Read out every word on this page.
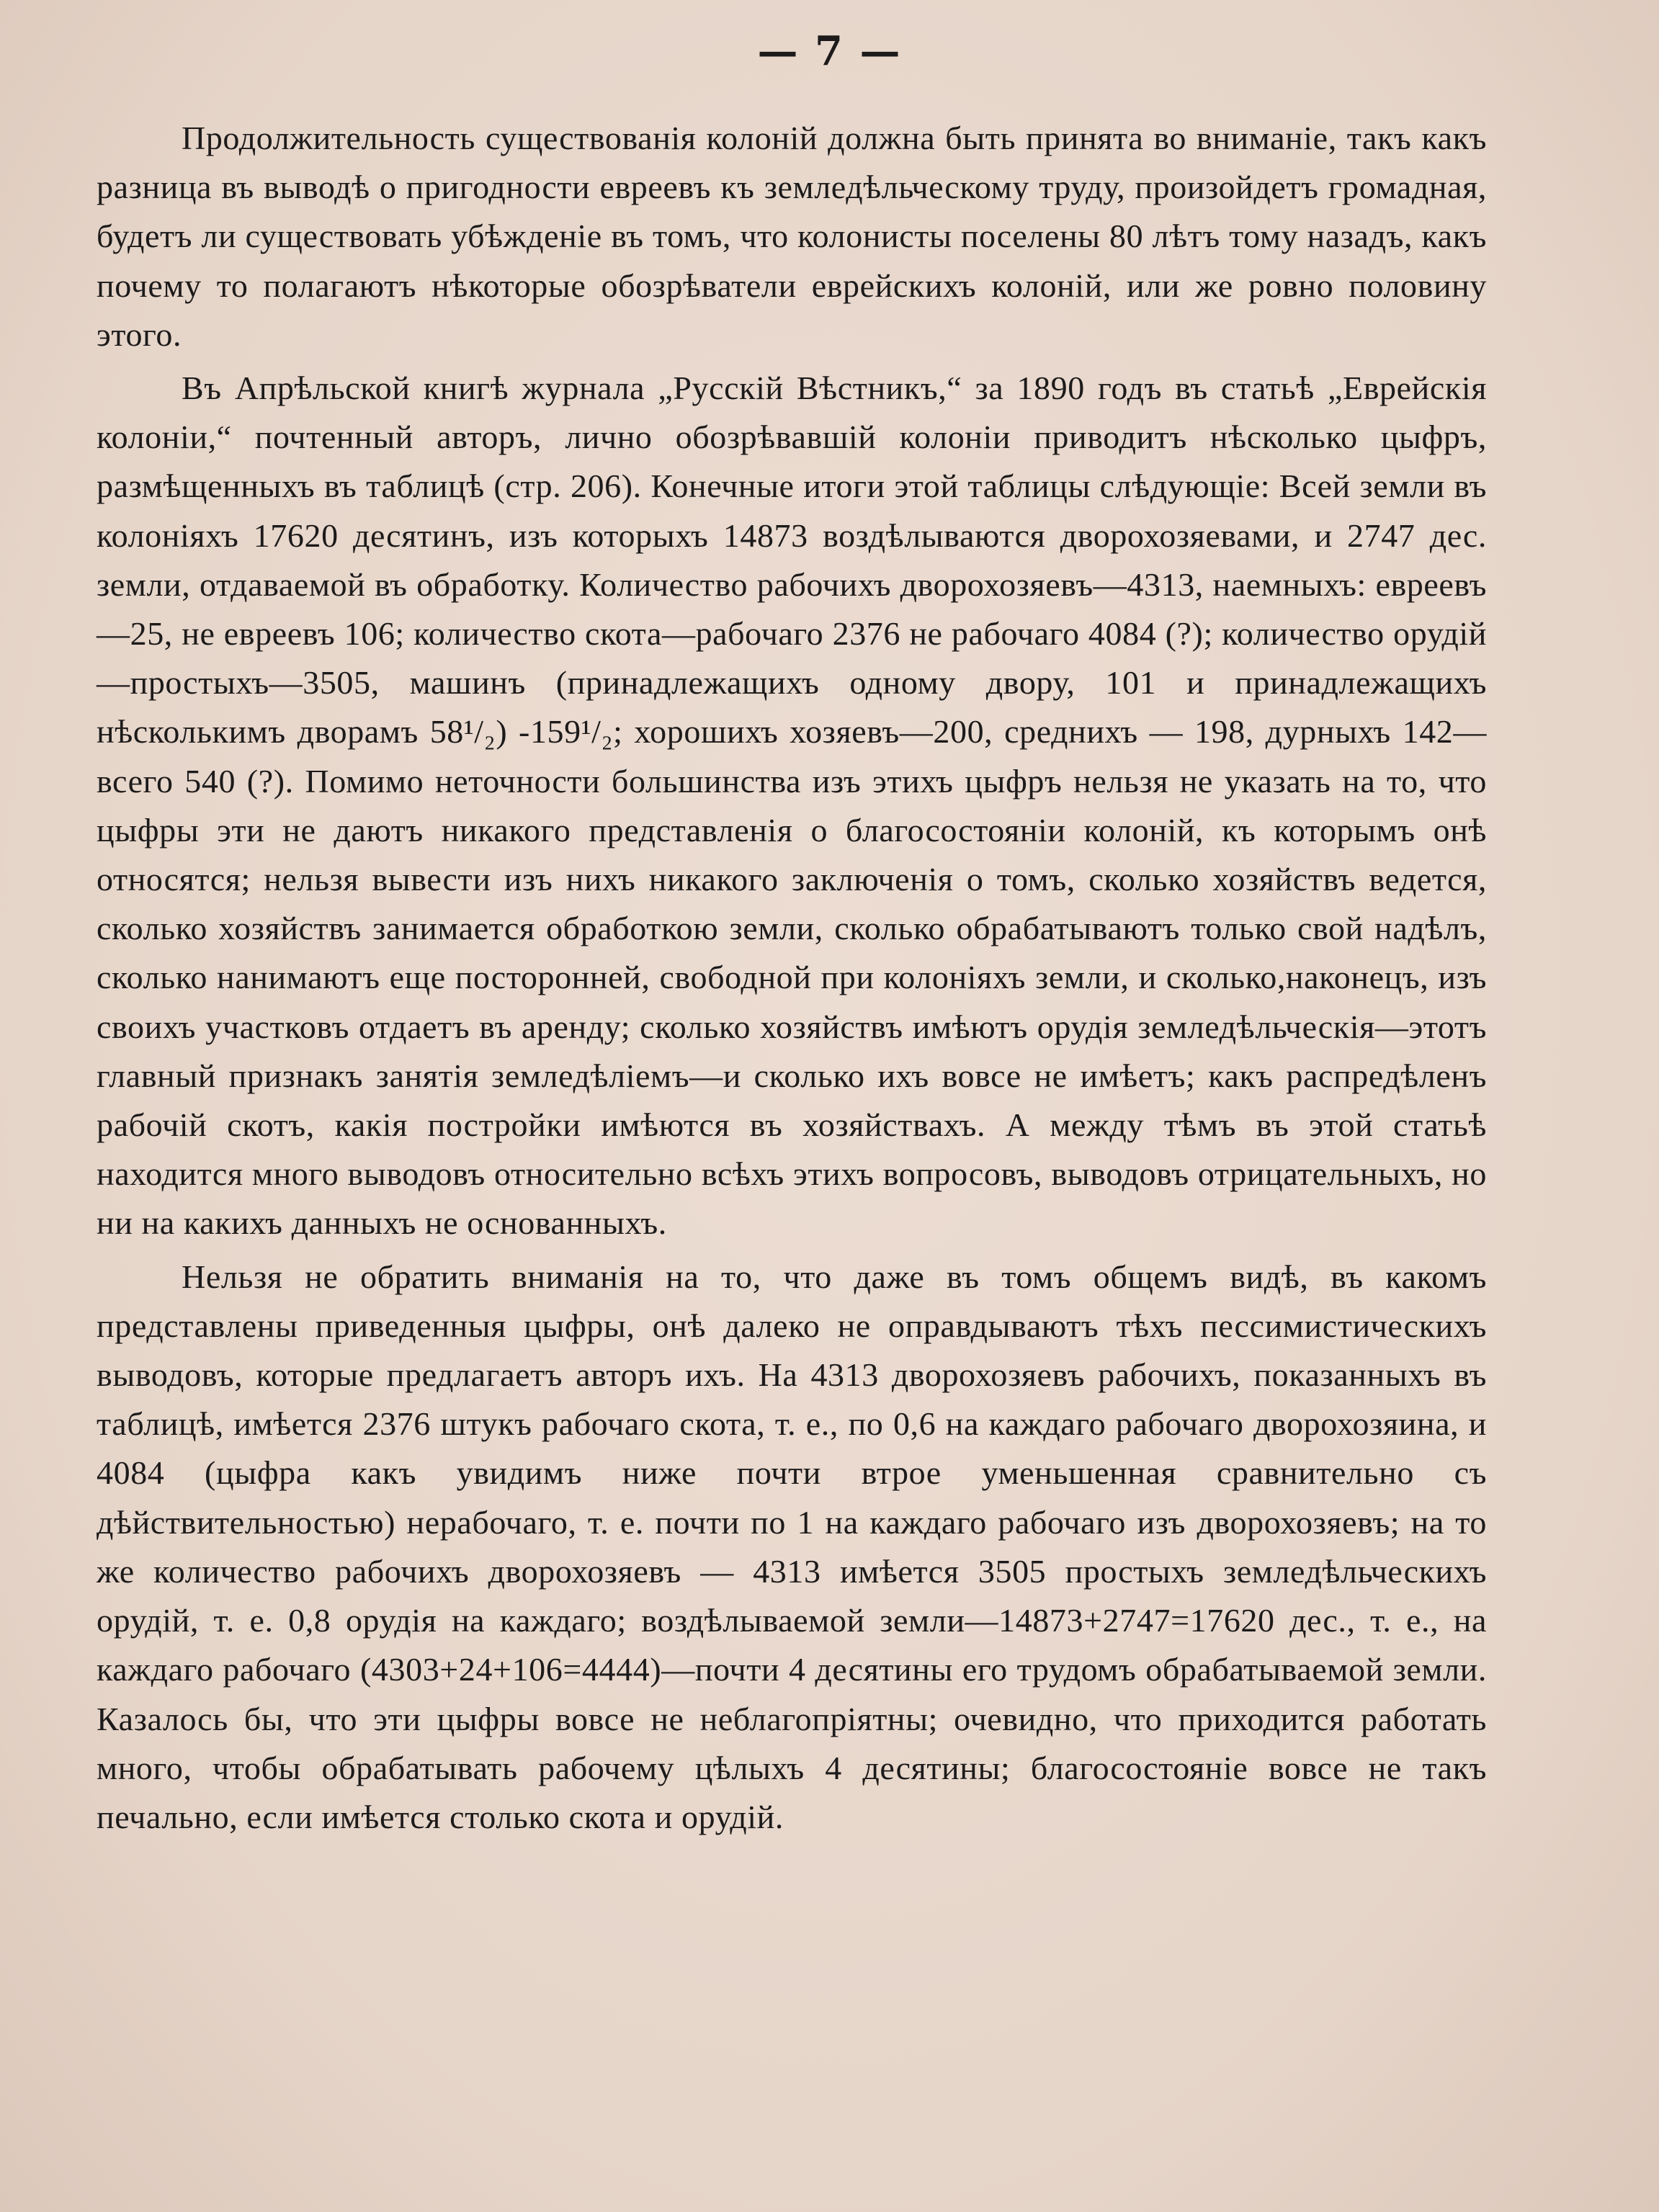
— 7 —

Продолжительность существованія колоній должна быть принята во вниманіе, такъ какъ разница въ выводѣ о пригодности евреевъ къ земледѣльческому труду, произойдетъ громадная, будетъ ли существовать убѣжденіе въ томъ, что колонисты поселены 80 лѣтъ тому назадъ, какъ почему то полагаютъ нѣкоторые обозрѣватели еврейскихъ колоній, или же ровно половину этого.

Въ Апрѣльской книгѣ журнала „Русскій Вѣстникъ,“ за 1890 годъ въ статьѣ „Еврейскія колоніи,“ почтенный авторъ, лично обозрѣвавшій колоніи приводитъ нѣсколько цыфръ, размѣщенныхъ въ таблицѣ (стр. 206). Конечные итоги этой таблицы слѣдующіе: Всей земли въ колоніяхъ 17620 десятинъ, изъ которыхъ 14873 воздѣлываются дворохозяевами, и 2747 дес. земли, отдаваемой въ обработку. Количество рабочихъ дворохозяевъ—4313, наемныхъ: евреевъ—25, не евреевъ 106; количество скота—рабочаго 2376 не рабочаго 4084 (?); количество орудій—простыхъ—3505, машинъ (принадлежащихъ одному двору, 101 и принадлежащихъ нѣсколькимъ дворамъ 58¹/₂) -159¹/₂; хорошихъ хозяевъ—200, среднихъ — 198, дурныхъ 142—всего 540 (?). Помимо неточности большинства изъ этихъ цыфръ нельзя не указать на то, что цыфры эти не даютъ никакого представленія о благосостояніи колоній, къ которымъ онѣ относятся; нельзя вывести изъ нихъ никакого заключенія о томъ, сколько хозяйствъ ведется, сколько хозяйствъ занимается обработкою земли, сколько обрабатываютъ только свой надѣлъ, сколько нанимаютъ еще посторонней, свободной при колоніяхъ земли, и сколько,наконецъ, изъ своихъ участковъ отдаетъ въ аренду; сколько хозяйствъ имѣютъ орудія земледѣльческія—этотъ главный признакъ занятія земледѣліемъ—и сколько ихъ вовсе не имѣетъ; какъ распредѣленъ рабочій скотъ, какія постройки имѣются въ хозяйствахъ. А между тѣмъ въ этой статьѣ находится много выводовъ относительно всѣхъ этихъ вопросовъ, выводовъ отрицательныхъ, но ни на какихъ данныхъ не основанныхъ.

Нельзя не обратить вниманія на то, что даже въ томъ общемъ видѣ, въ какомъ представлены приведенныя цыфры, онѣ далеко не оправдываютъ тѣхъ пессимистическихъ выводовъ, которые предлагаетъ авторъ ихъ. На 4313 дворохозяевъ рабочихъ, показанныхъ въ таблицѣ, имѣется 2376 штукъ рабочаго скота, т. е., по 0,6 на каждаго рабочаго дворохозяина, и 4084 (цыфра какъ увидимъ ниже почти втрое уменьшенная сравнительно съ дѣйствительностью) нерабочаго, т. е. почти по 1 на каждаго рабочаго изъ дворохозяевъ; на то же количество рабочихъ дворохозяевъ — 4313 имѣется 3505 простыхъ земледѣльческихъ орудій, т. е. 0,8 орудія на каждаго; воздѣлываемой земли—14873+2747=17620 дес., т. е., на каждаго рабочаго (4303+24+106=4444)—почти 4 десятины его трудомъ обрабатываемой земли. Казалось бы, что эти цыфры вовсе не неблагопріятны; очевидно, что приходится работать много, чтобы обрабатывать рабочему цѣлыхъ 4 десятины; благосостояніе вовсе не такъ печально, если имѣется столько скота и орудій.
